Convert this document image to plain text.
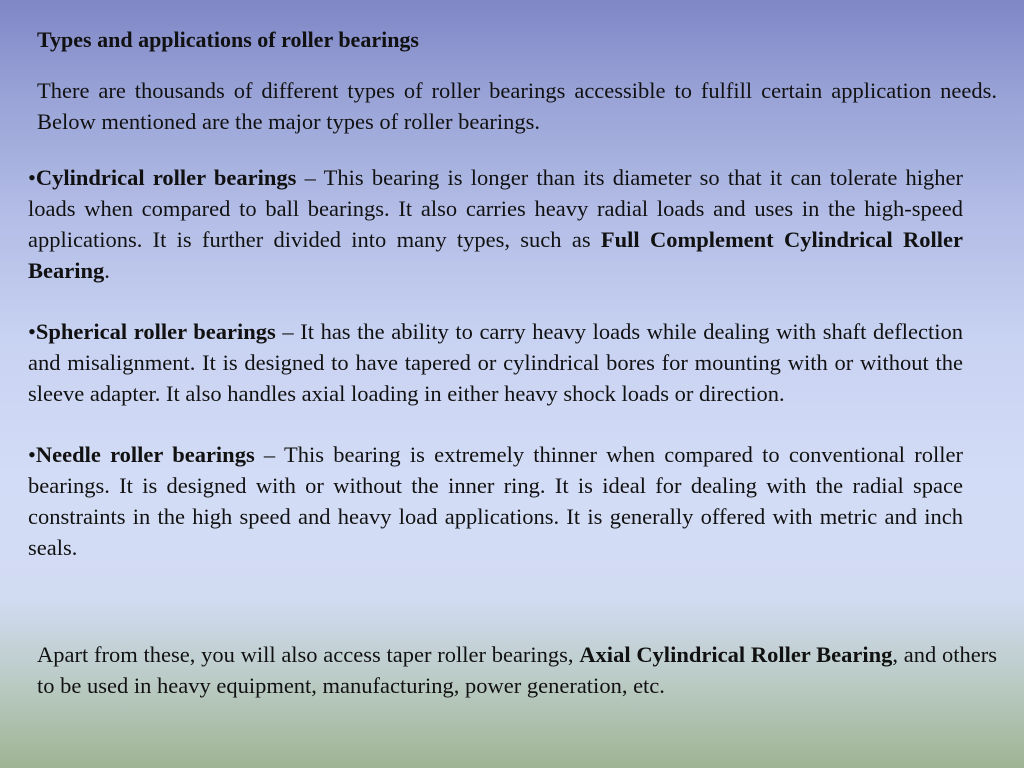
Types and applications of roller bearings

There are thousands of different types of roller bearings accessible to fulfill certain application needs. Below mentioned are the major types of roller bearings.

•Cylindrical roller bearings – This bearing is longer than its diameter so that it can tolerate higher loads when compared to ball bearings. It also carries heavy radial loads and uses in the high-speed applications. It is further divided into many types, such as Full Complement Cylindrical Roller Bearing.
•Spherical roller bearings – It has the ability to carry heavy loads while dealing with shaft deflection and misalignment. It is designed to have tapered or cylindrical bores for mounting with or without the sleeve adapter. It also handles axial loading in either heavy shock loads or direction.
•Needle roller bearings – This bearing is extremely thinner when compared to conventional roller bearings. It is designed with or without the inner ring. It is ideal for dealing with the radial space constraints in the high speed and heavy load applications. It is generally offered with metric and inch seals.

Apart from these, you will also access taper roller bearings, Axial Cylindrical Roller Bearing, and others to be used in heavy equipment, manufacturing, power generation, etc.
